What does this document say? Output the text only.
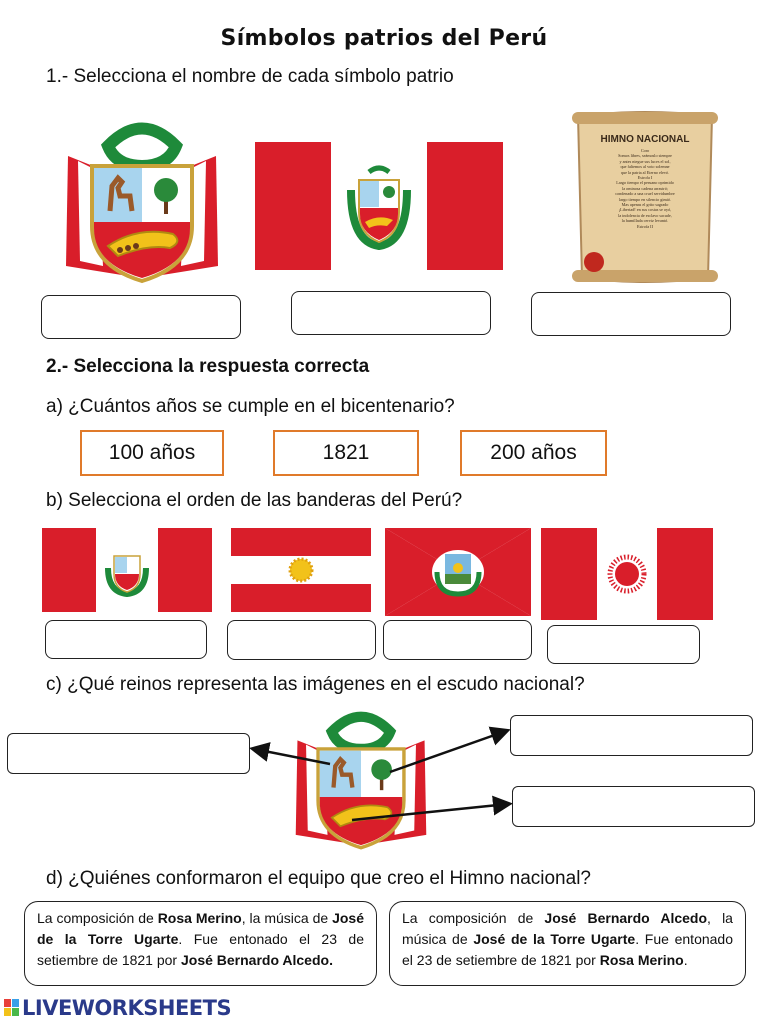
Símbolos patrios del Perú
1.- Selecciona el nombre de cada símbolo patrio
HIMNO NACIONAL
Coro
Somos libres, seámoslo siempre
y antes niegue sus luces el sol,
que faltemos al voto solemne
que la patria al Eterno elevó.
Estrofa I
Largo tiempo el peruano oprimido
la ominosa cadena arrastró;
condenado a una cruel servidumbre
largo tiempo en silencio gimió.
Mas apenas el grito sagrado
¡Libertad! en sus costas se oyó,
la indolencia de esclavo sacude,
la humillada cerviz levantó.
Estrofa II
2.- Selecciona la respuesta correcta
a) ¿Cuántos años se cumple en el bicentenario?
100 años	1821	200 años
b) Selecciona el orden de las banderas del Perú?
c) ¿Qué reinos representa las imágenes en el escudo nacional?
d) ¿Quiénes conformaron el equipo que creo el Himno nacional?
La composición de Rosa Merino, la música de José de la Torre Ugarte. Fue entonado el 23 de setiembre de 1821 por José Bernardo Alcedo.
La composición de José Bernardo Alcedo, la música de José de la Torre Ugarte. Fue entonado el 23 de setiembre de 1821 por Rosa Merino.
LIVEWORKSHEETS
